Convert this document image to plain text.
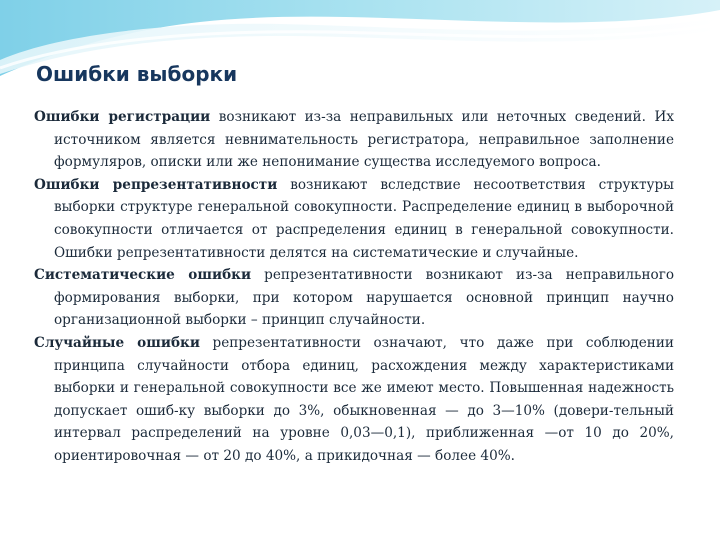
Ошибки выборки

Ошибки регистрации возникают из-за неправильных или неточных сведений. Их источником является невнимательность регистратора, неправильное заполнение формуляров, описки или же непонимание существа исследуемого вопроса.

Ошибки репрезентативности возникают вследствие несоответствия структуры выборки структуре генеральной совокупности. Распределение единиц в выборочной совокупности отличается от распределения единиц в генеральной совокупности. Ошибки репрезентативности делятся на систематические и случайные.

Систематические ошибки репрезентативности возникают из-за неправильного формирования выборки, при котором нарушается основной принцип научно организационной выборки – принцип случайности.

Случайные ошибки репрезентативности означают, что даже при соблюдении принципа случайности отбора единиц, расхождения между характеристиками выборки и генеральной совокупности все же имеют место. Повышенная надежность допускает ошиб-ку выборки до 3%, обыкновенная — до 3—10% (довери-тельный интервал распределений на уровне 0,03—0,1), приближенная —от 10 до 20%, ориентировочная — от 20 до 40%, а прикидочная — более 40%.
